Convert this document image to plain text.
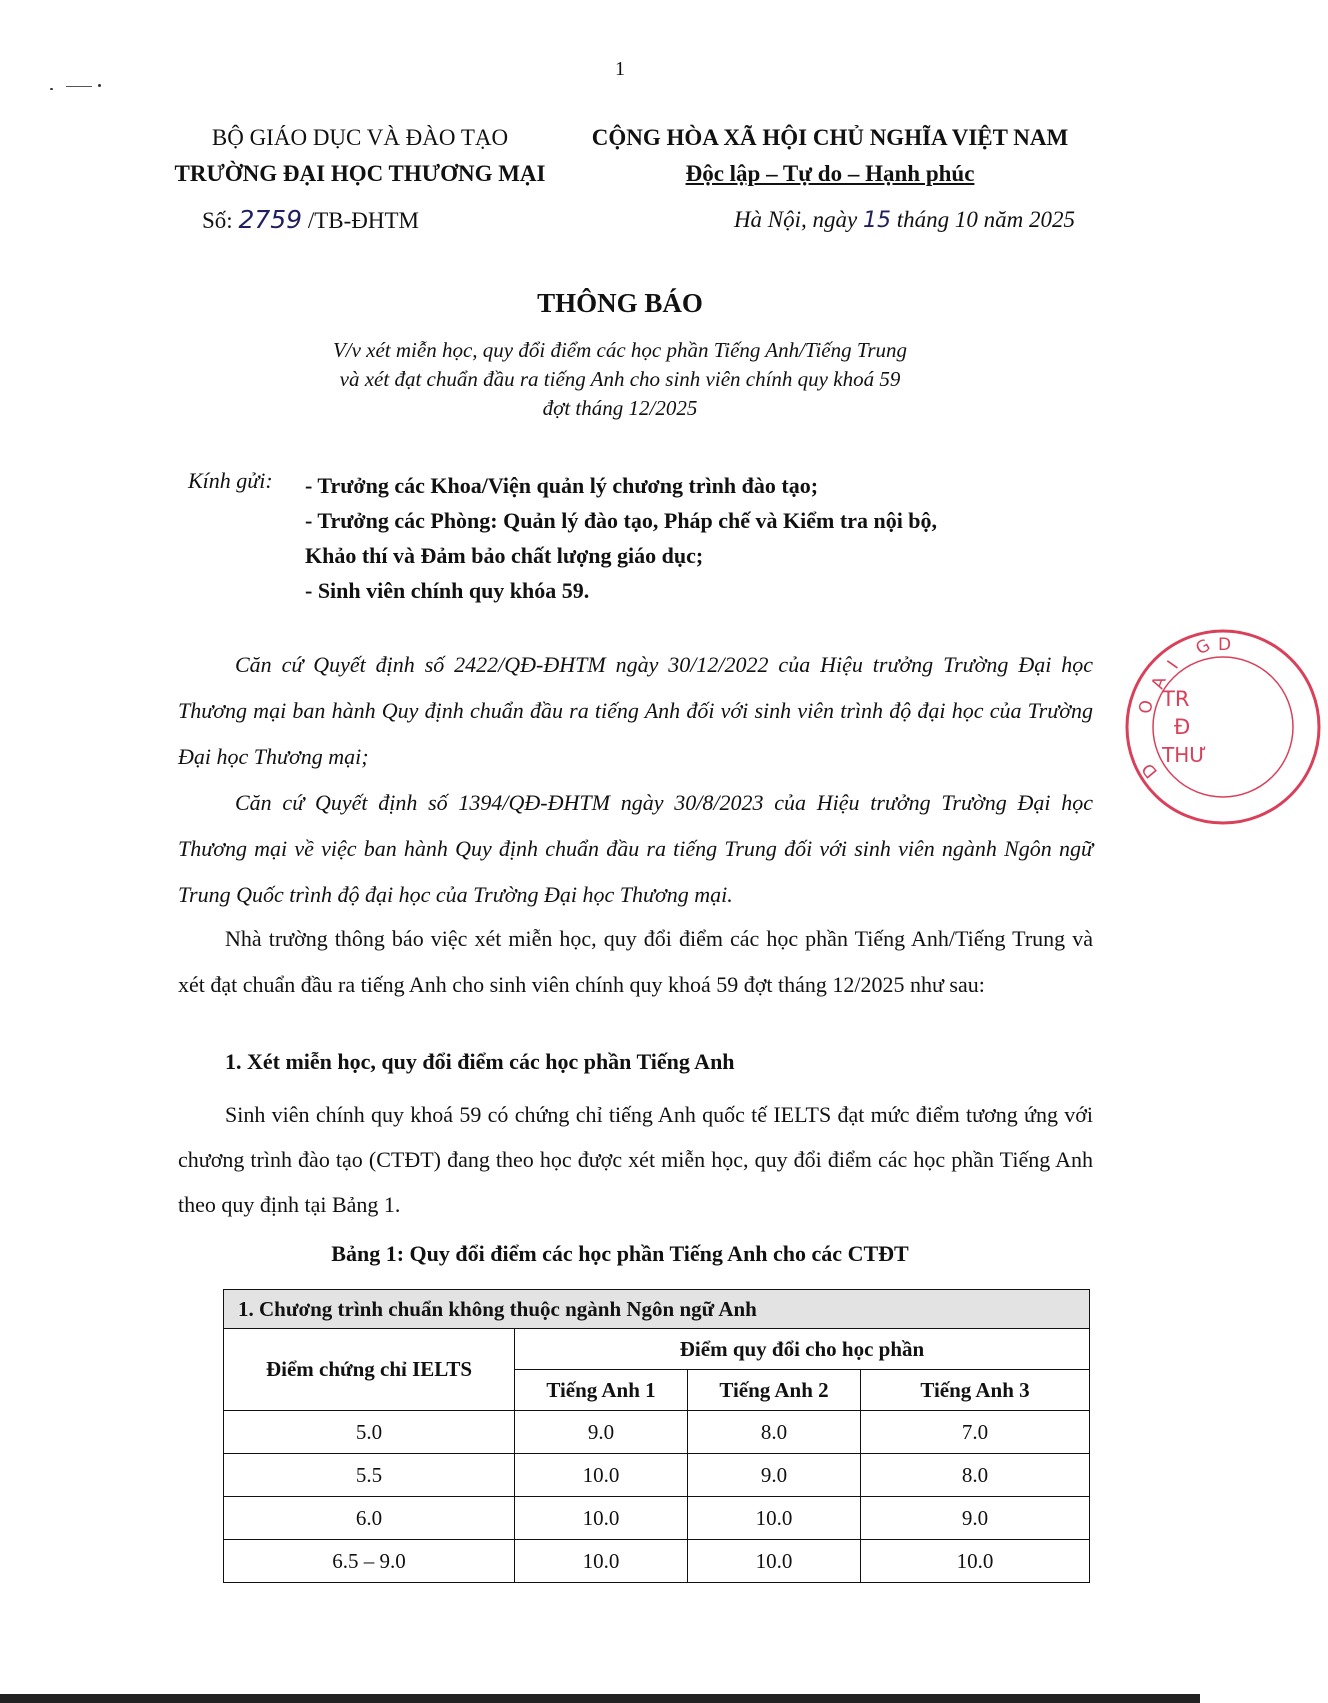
1
BỘ GIÁO DỤC VÀ ĐÀO TẠO
TRƯỜNG ĐẠI HỌC THƯƠNG MẠI
Số: 2759 /TB-ĐHTM
CỘNG HÒA XÃ HỘI CHỦ NGHĨA VIỆT NAM
Độc lập – Tự do – Hạnh phúc
Hà Nội, ngày 15 tháng 10 năm 2025
THÔNG BÁO
V/v xét miễn học, quy đổi điểm các học phần Tiếng Anh/Tiếng Trung
và xét đạt chuẩn đầu ra tiếng Anh cho sinh viên chính quy khoá 59
đợt tháng 12/2025
Kính gửi: - Trưởng các Khoa/Viện quản lý chương trình đào tạo;
- Trưởng các Phòng: Quản lý đào tạo, Pháp chế và Kiểm tra nội bộ,
Khảo thí và Đảm bảo chất lượng giáo dục;
- Sinh viên chính quy khóa 59.
Căn cứ Quyết định số 2422/QĐ-ĐHTM ngày 30/12/2022 của Hiệu trưởng Trường Đại học Thương mại ban hành Quy định chuẩn đầu ra tiếng Anh đối với sinh viên trình độ đại học của Trường Đại học Thương mại;
Căn cứ Quyết định số 1394/QĐ-ĐHTM ngày 30/8/2023 của Hiệu trưởng Trường Đại học Thương mại về việc ban hành Quy định chuẩn đầu ra tiếng Trung đối với sinh viên ngành Ngôn ngữ Trung Quốc trình độ đại học của Trường Đại học Thương mại.
Nhà trường thông báo việc xét miễn học, quy đổi điểm các học phần Tiếng Anh/Tiếng Trung và xét đạt chuẩn đầu ra tiếng Anh cho sinh viên chính quy khoá 59 đợt tháng 12/2025 như sau:
1. Xét miễn học, quy đổi điểm các học phần Tiếng Anh
Sinh viên chính quy khoá 59 có chứng chỉ tiếng Anh quốc tế IELTS đạt mức điểm tương ứng với chương trình đào tạo (CTĐT) đang theo học được xét miễn học, quy đổi điểm các học phần Tiếng Anh theo quy định tại Bảng 1.
Bảng 1: Quy đổi điểm các học phần Tiếng Anh cho các CTĐT
1. Chương trình chuẩn không thuộc ngành Ngôn ngữ Anh			
Điểm chứng chỉ IELTS	Điểm quy đổi cho học phần		
	Tiếng Anh 1	Tiếng Anh 2	Tiếng Anh 3
5.0	9.0	8.0	7.0
5.5	10.0	9.0	8.0
6.0	10.0	10.0	9.0
6.5 – 9.0	10.0	10.0	10.0
G D
I
A
O
D
TR
Đ
THƯ
